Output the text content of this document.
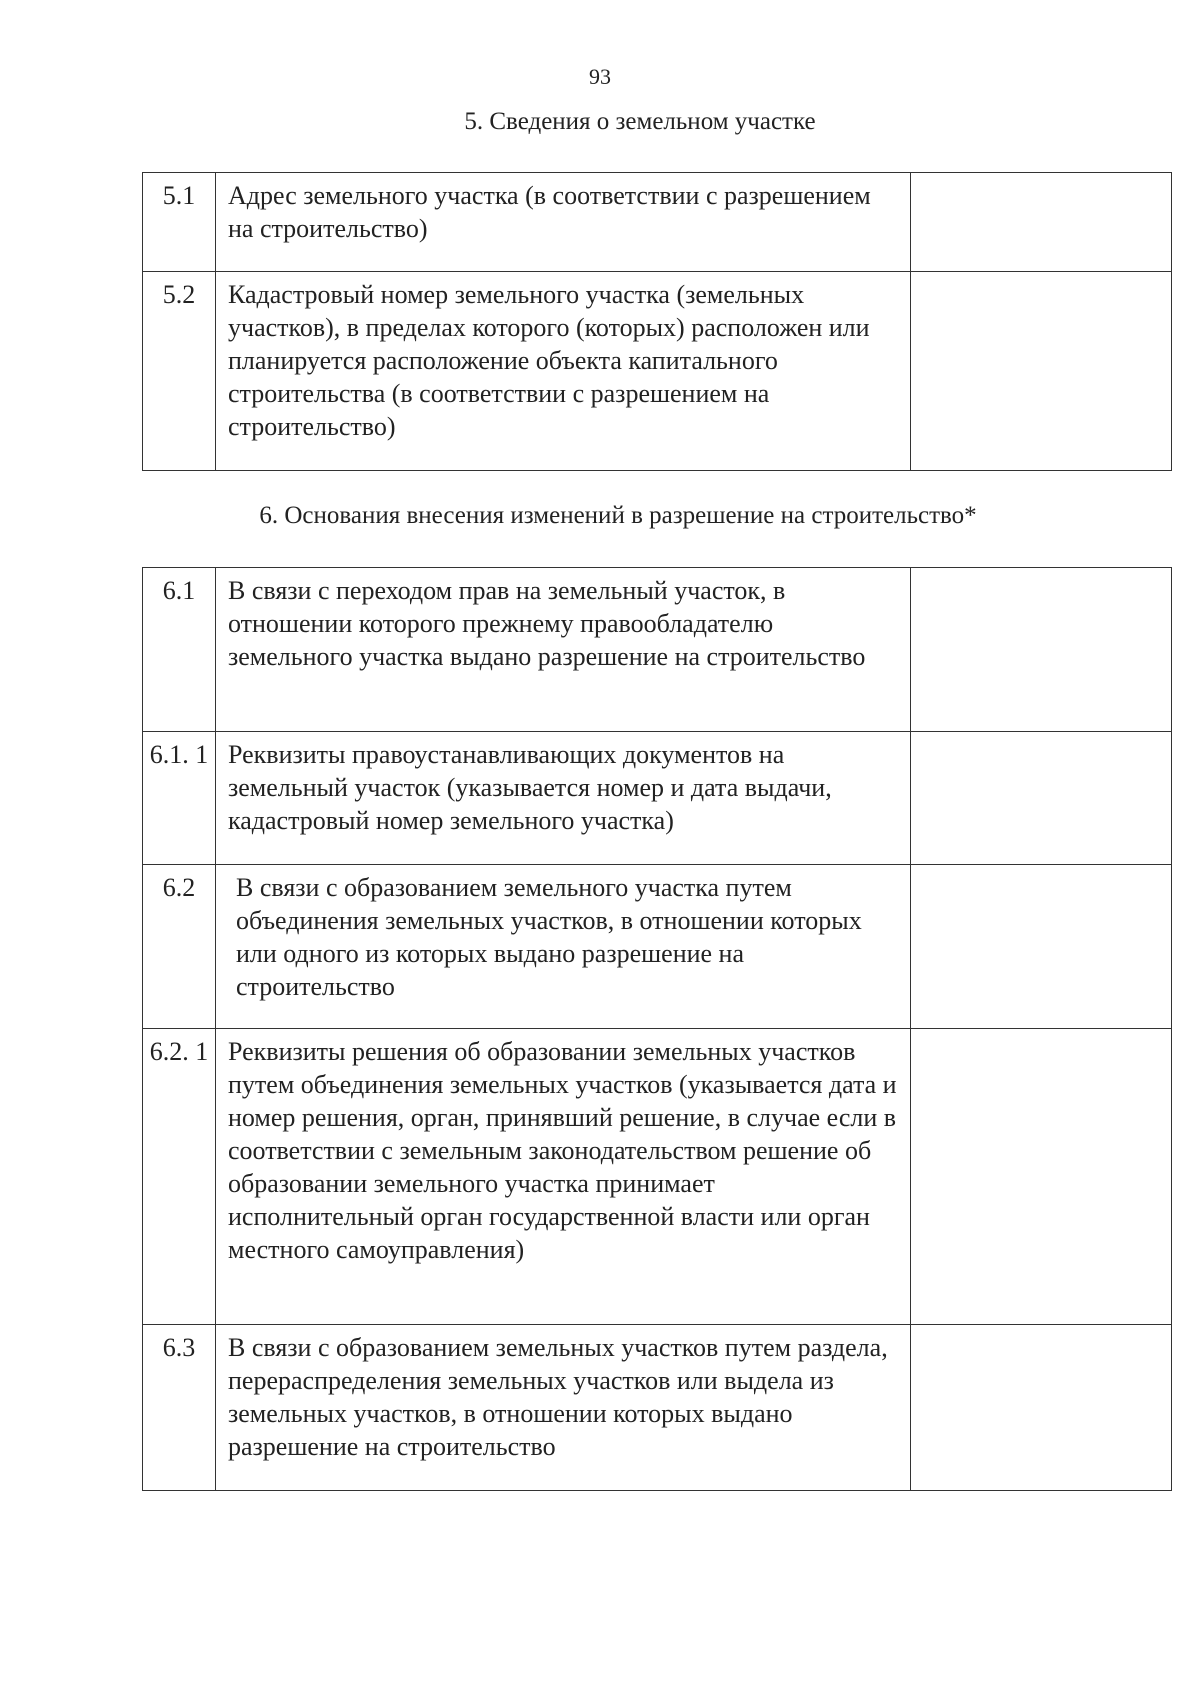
93
5. Сведения о земельном участке
5.1	Адрес земельного участка (в соответствии с разрешением на строительство)	
5.2	Кадастровый номер земельного участка (земельных участков), в пределах которого (которых) расположен или планируется расположение объекта капитального строительства (в соответствии с разрешением на строительство)	
6. Основания внесения изменений в разрешение на строительство*
6.1	В связи с переходом прав на земельный участок, в отношении которого прежнему правообладателю земельного участка выдано разрешение на строительство	
6.1. 1	Реквизиты правоустанавливающих документов на земельный участок (указывается номер и дата выдачи, кадастровый номер земельного участка)	
6.2	В связи с образованием земельного участка путем объединения земельных участков, в отношении которых или одного из которых выдано разрешение на строительство	
6.2. 1	Реквизиты решения об образовании земельных участков путем объединения земельных участков (указывается дата и номер решения, орган, принявший решение, в случае если в соответствии с земельным законодательством решение об образовании земельного участка принимает исполнительный орган государственной власти или орган местного самоуправления)	
6.3	В связи с образованием земельных участков путем раздела, перераспределения земельных участков или выдела из земельных участков, в отношении которых выдано разрешение на строительство	
